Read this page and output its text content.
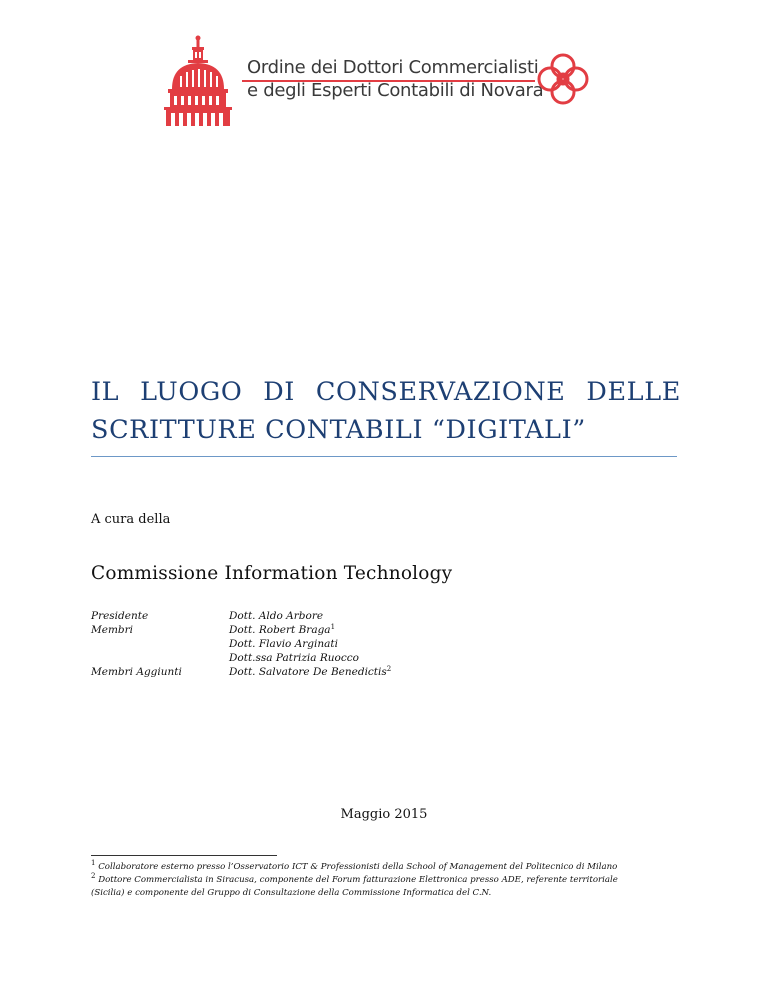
Ordine dei Dottori Commercialisti
e degli Esperti Contabili di Novara
IL LUOGO DI CONSERVAZIONE DELLE
SCRITTURE CONTABILI “DIGITALI”
A cura della
Commissione Information Technology
Presidente
Membri
Membri Aggiunti
Dott. Aldo Arbore
Dott. Robert Braga$^1$
Dott. Flavio Arginati
Dott.ssa Patrizia Ruocco
Dott. Salvatore De Benedictis$^2$
Maggio 2015
$^1$ Collaboratore esterno presso l’Osservatorio ICT & Professionisti della School of Management del Politecnico di Milano
$^2$ Dottore Commercialista in Siracusa, componente del Forum fatturazione Elettronica presso ADE, referente territoriale
(Sicilia) e componente del Gruppo di Consultazione della Commissione Informatica del C.N.
